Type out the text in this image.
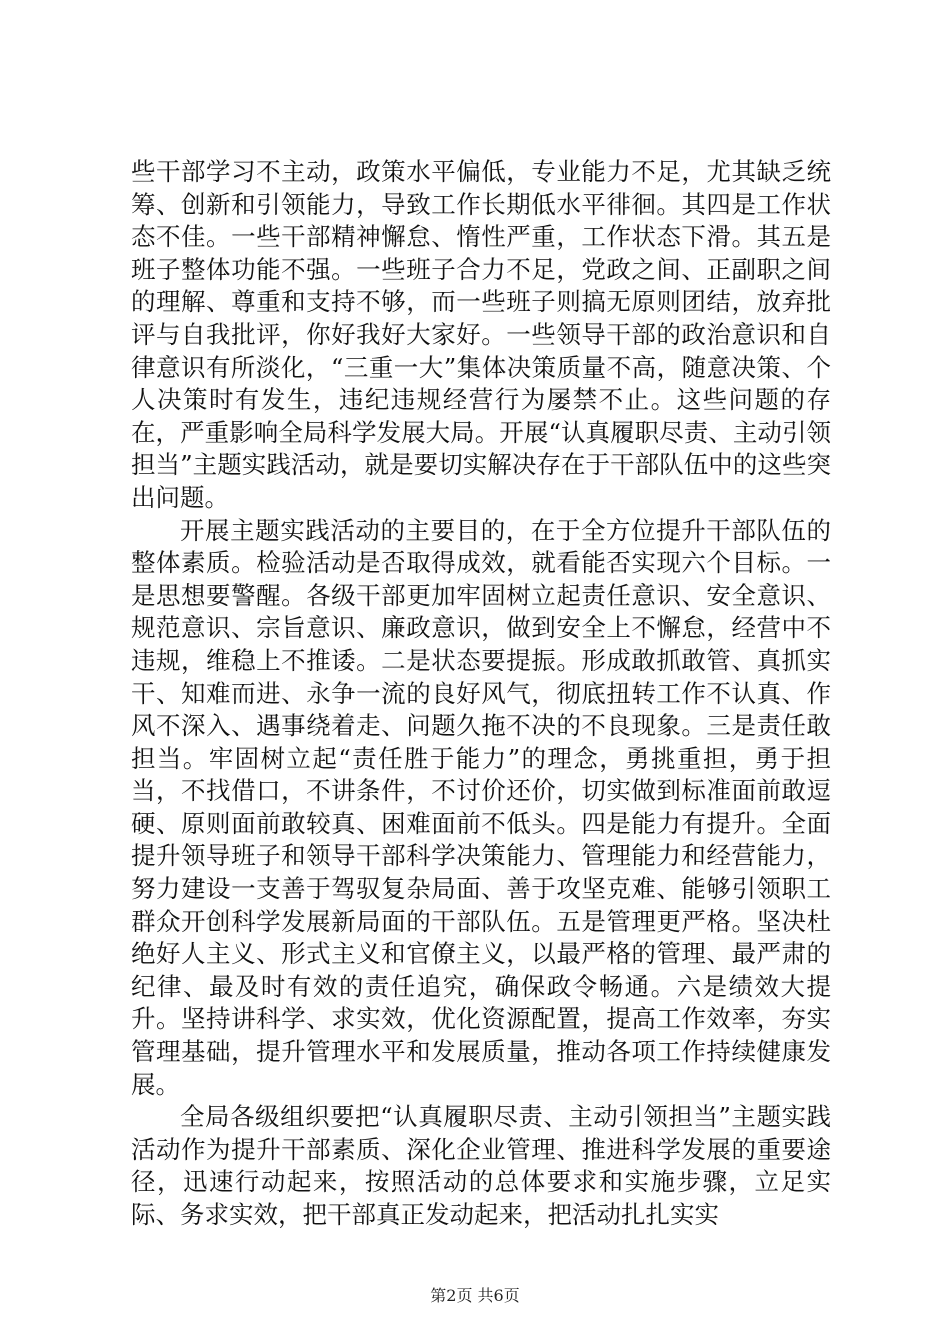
些干部学习不主动，政策水平偏低，专业能力不足，尤其缺乏统筹、创新和引领能力，导致工作长期低水平徘徊。其四是工作状态不佳。一些干部精神懈怠、惰性严重，工作状态下滑。其五是班子整体功能不强。一些班子合力不足，党政之间、正副职之间的理解、尊重和支持不够，而一些班子则搞无原则团结，放弃批评与自我批评，你好我好大家好。一些领导干部的政治意识和自律意识有所淡化，“三重一大”集体决策质量不高，随意决策、个人决策时有发生，违纪违规经营行为屡禁不止。这些问题的存在，严重影响全局科学发展大局。开展“认真履职尽责、主动引领担当”主题实践活动，就是要切实解决存在于干部队伍中的这些突出问题。

开展主题实践活动的主要目的，在于全方位提升干部队伍的整体素质。检验活动是否取得成效，就看能否实现六个目标。一是思想要警醒。各级干部更加牢固树立起责任意识、安全意识、规范意识、宗旨意识、廉政意识，做到安全上不懈怠，经营中不违规，维稳上不推诿。二是状态要提振。形成敢抓敢管、真抓实干、知难而进、永争一流的良好风气，彻底扭转工作不认真、作风不深入、遇事绕着走、问题久拖不决的不良现象。三是责任敢担当。牢固树立起“责任胜于能力”的理念，勇挑重担，勇于担当，不找借口，不讲条件，不讨价还价，切实做到标准面前敢逗硬、原则面前敢较真、困难面前不低头。四是能力有提升。全面提升领导班子和领导干部科学决策能力、管理能力和经营能力，努力建设一支善于驾驭复杂局面、善于攻坚克难、能够引领职工群众开创科学发展新局面的干部队伍。五是管理更严格。坚决杜绝好人主义、形式主义和官僚主义，以最严格的管理、最严肃的纪律、最及时有效的责任追究，确保政令畅通。六是绩效大提升。坚持讲科学、求实效，优化资源配置，提高工作效率，夯实管理基础，提升管理水平和发展质量，推动各项工作持续健康发展。

全局各级组织要把“认真履职尽责、主动引领担当”主题实践活动作为提升干部素质、深化企业管理、推进科学发展的重要途径，迅速行动起来，按照活动的总体要求和实施步骤，立足实际、务求实效，把干部真正发动起来，把活动扎扎实实

第2页 共6页
